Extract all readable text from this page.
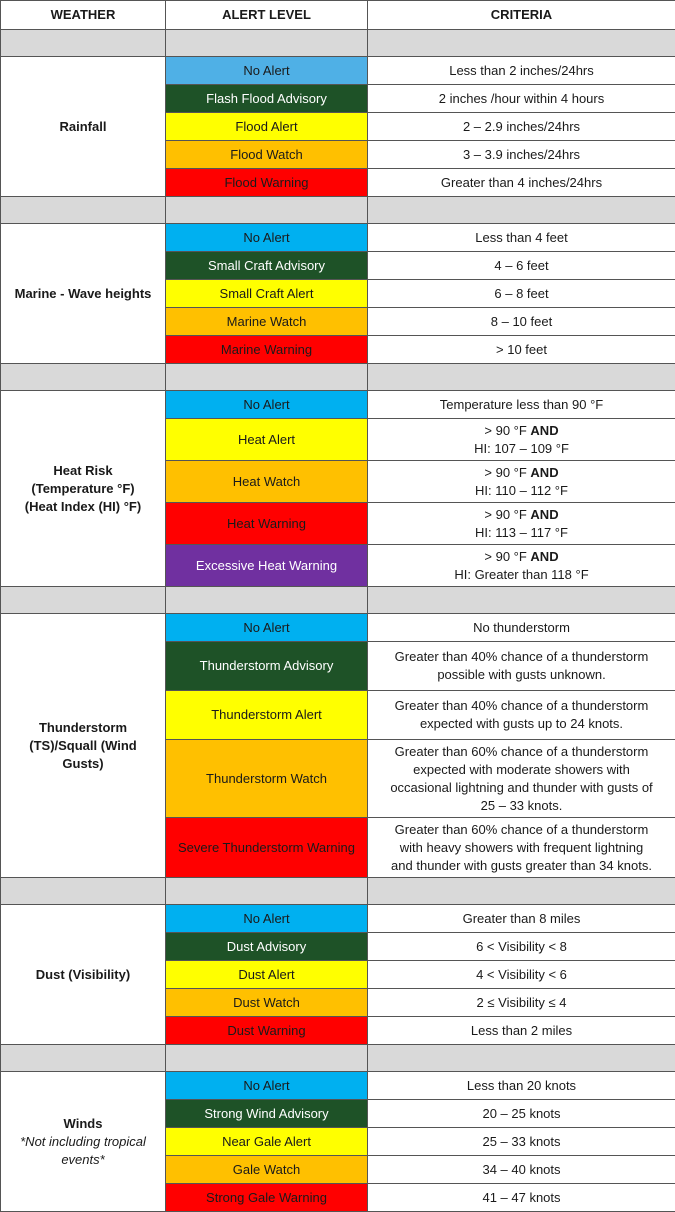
WEATHER	ALERT LEVEL	CRITERIA

Rainfall	No Alert	Less than 2 inches/24hrs
	Flash Flood Advisory	2 inches /hour within 4 hours
	Flood Alert	2 – 2.9 inches/24hrs
	Flood Watch	3 – 3.9 inches/24hrs
	Flood Warning	Greater than 4 inches/24hrs

Marine - Wave heights	No Alert	Less than 4 feet
	Small Craft Advisory	4 – 6 feet
	Small Craft Alert	6 – 8 feet
	Marine Watch	8 – 10 feet
	Marine Warning	> 10 feet

Heat Risk
(Temperature °F)
(Heat Index (HI) °F)	No Alert	Temperature less than 90 °F
	Heat Alert	> 90 °F AND
HI: 107 – 109 °F
	Heat Watch	> 90 °F AND
HI: 110 – 112 °F
	Heat Warning	> 90 °F AND
HI: 113 – 117 °F
	Excessive Heat Warning	> 90 °F AND
HI: Greater than 118 °F

Thunderstorm
(TS)/Squall (Wind
Gusts)	No Alert	No thunderstorm
	Thunderstorm Advisory	Greater than 40% chance of a thunderstorm
possible with gusts unknown.
	Thunderstorm Alert	Greater than 40% chance of a thunderstorm
expected with gusts up to 24 knots.
	Thunderstorm Watch	Greater than 60% chance of a thunderstorm
expected with moderate showers with
occasional lightning and thunder with gusts of
25 – 33 knots.
	Severe Thunderstorm Warning	Greater than 60% chance of a thunderstorm
with heavy showers with frequent lightning
and thunder with gusts greater than 34 knots.

Dust (Visibility)	No Alert	Greater than 8 miles
	Dust Advisory	6 < Visibility < 8
	Dust Alert	4 < Visibility < 6
	Dust Watch	2 ≤ Visibility ≤ 4
	Dust Warning	Less than 2 miles

Winds
*Not including tropical events*	No Alert	Less than 20 knots
	Strong Wind Advisory	20 – 25 knots
	Near Gale Alert	25 – 33 knots
	Gale Watch	34 – 40 knots
	Strong Gale Warning	41 – 47 knots
